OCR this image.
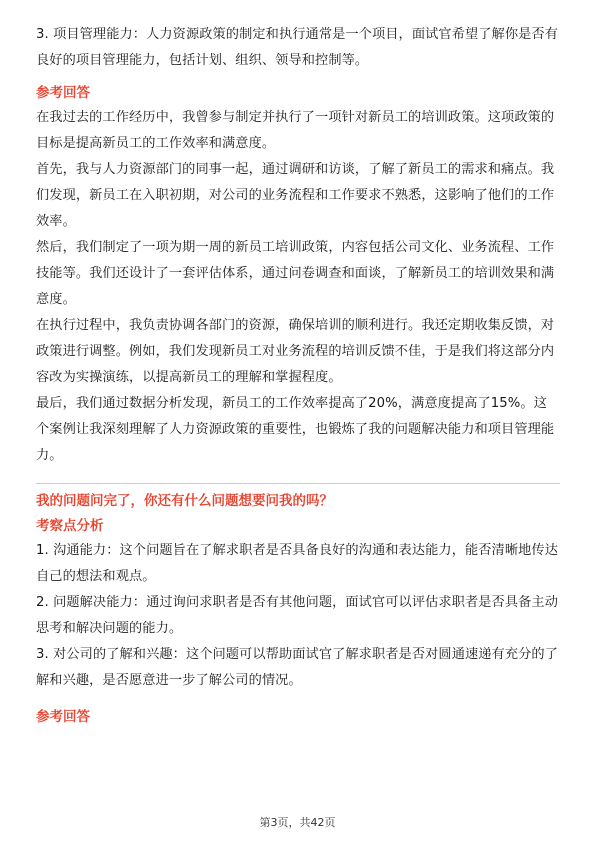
3. 项目管理能力：人力资源政策的制定和执行通常是一个项目，面试官希望了解你是否有良好的项目管理能力，包括计划、组织、领导和控制等。

参考回答

在我过去的工作经历中，我曾参与制定并执行了一项针对新员工的培训政策。这项政策的目标是提高新员工的工作效率和满意度。

首先，我与人力资源部门的同事一起，通过调研和访谈，了解了新员工的需求和痛点。我们发现，新员工在入职初期，对公司的业务流程和工作要求不熟悉，这影响了他们的工作效率。

然后，我们制定了一项为期一周的新员工培训政策，内容包括公司文化、业务流程、工作技能等。我们还设计了一套评估体系，通过问卷调查和面谈，了解新员工的培训效果和满意度。

在执行过程中，我负责协调各部门的资源，确保培训的顺利进行。我还定期收集反馈，对政策进行调整。例如，我们发现新员工对业务流程的培训反馈不佳，于是我们将这部分内容改为实操演练，以提高新员工的理解和掌握程度。

最后，我们通过数据分析发现，新员工的工作效率提高了20%，满意度提高了15%。这个案例让我深刻理解了人力资源政策的重要性，也锻炼了我的问题解决能力和项目管理能力。

我的问题问完了，你还有什么问题想要问我的吗？
考察点分析

1. 沟通能力：这个问题旨在了解求职者是否具备良好的沟通和表达能力，能否清晰地传达自己的想法和观点。

2. 问题解决能力：通过询问求职者是否有其他问题，面试官可以评估求职者是否具备主动思考和解决问题的能力。

3. 对公司的了解和兴趣：这个问题可以帮助面试官了解求职者是否对圆通速递有充分的了解和兴趣，是否愿意进一步了解公司的情况。

参考回答
第3页，共42页
